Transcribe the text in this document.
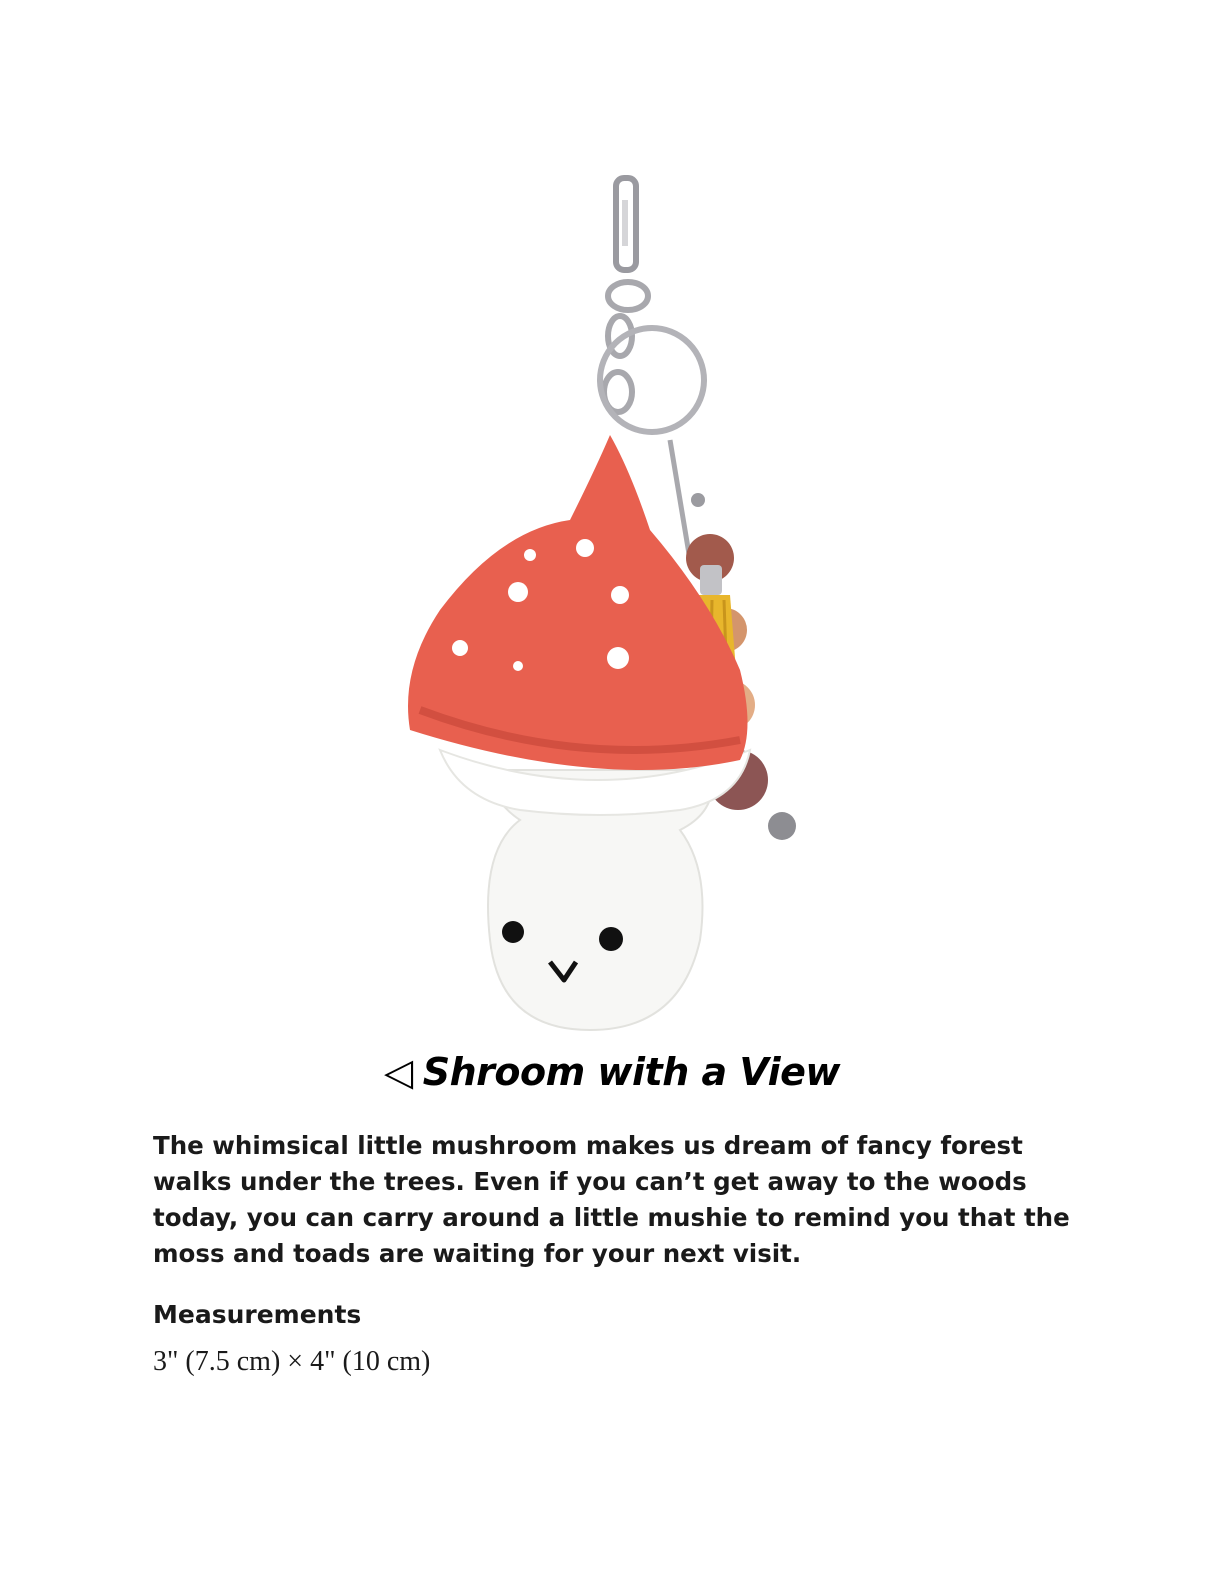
◁ Shroom with a View
The whimsical little mushroom makes us dream of fancy forest walks under the trees. Even if you can’t get away to the woods today, you can carry around a little mushie to remind you that the moss and toads are waiting for your next visit.
Measurements
3" (7.5 cm) × 4" (10 cm)
